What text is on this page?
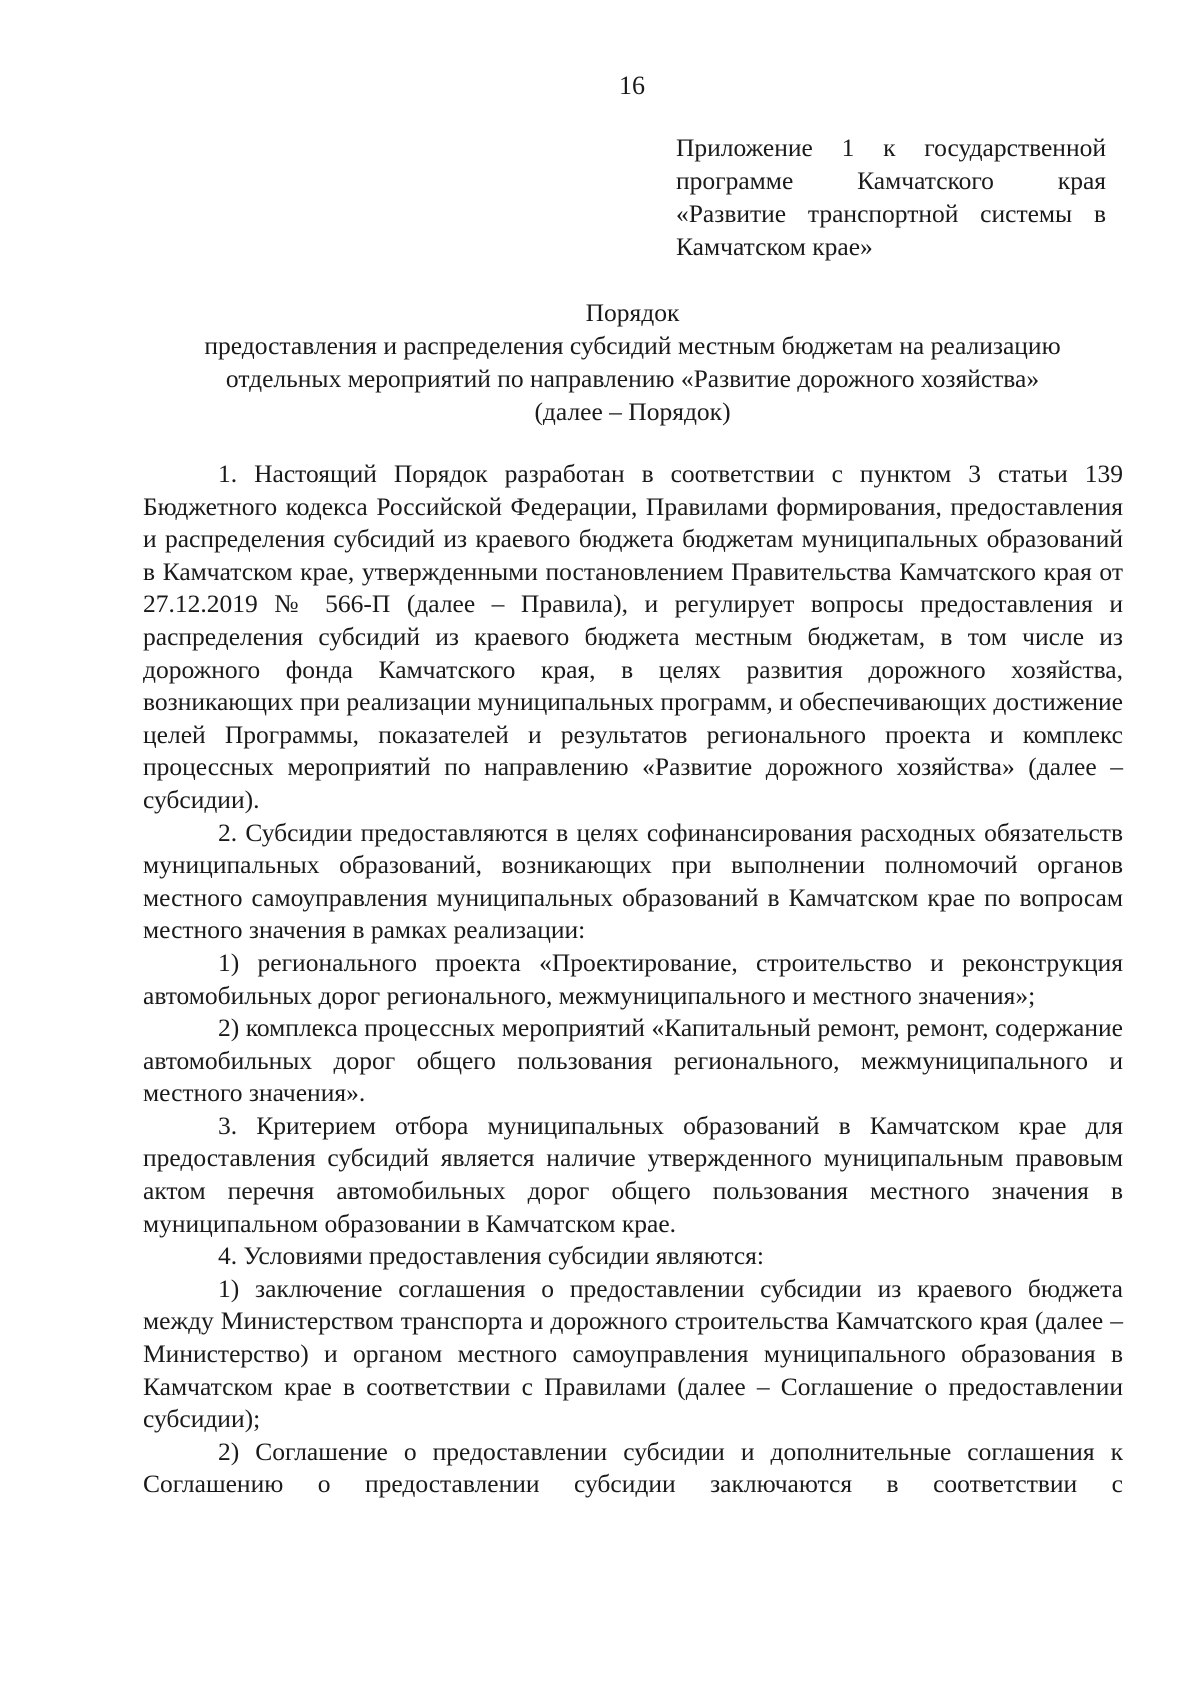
16
Приложение 1 к государственной
программе Камчатского края
«Развитие транспортной системы в
Камчатском крае»
Порядок
предоставления и распределения субсидий местным бюджетам на реализацию
отдельных мероприятий по направлению «Развитие дорожного хозяйства»
(далее – Порядок)

1. Настоящий Порядок разработан в соответствии с пунктом 3 статьи 139 Бюджетного кодекса Российской Федерации, Правилами формирования, предоставления и распределения субсидий из краевого бюджета бюджетам муниципальных образований в Камчатском крае, утвержденными постановлением Правительства Камчатского края от 27.12.2019 № 566-П (далее – Правила), и регулирует вопросы предоставления и распределения субсидий из краевого бюджета местным бюджетам, в том числе из дорожного фонда Камчатского края, в целях развития дорожного хозяйства, возникающих при реализации муниципальных программ, и обеспечивающих достижение целей Программы, показателей и результатов регионального проекта и комплекс процессных мероприятий по направлению «Развитие дорожного хозяйства» (далее – субсидии).

2. Субсидии предоставляются в целях софинансирования расходных обязательств муниципальных образований, возникающих при выполнении полномочий органов местного самоуправления муниципальных образований в Камчатском крае по вопросам местного значения в рамках реализации:

1) регионального проекта «Проектирование, строительство и реконструкция автомобильных дорог регионального, межмуниципального и местного значения»;

2) комплекса процессных мероприятий «Капитальный ремонт, ремонт, содержание автомобильных дорог общего пользования регионального, межмуниципального и местного значения».

3. Критерием отбора муниципальных образований в Камчатском крае для предоставления субсидий является наличие утвержденного муниципальным правовым актом перечня автомобильных дорог общего пользования местного значения в муниципальном образовании в Камчатском крае.

4. Условиями предоставления субсидии являются:

1) заключение соглашения о предоставлении субсидии из краевого бюджета между Министерством транспорта и дорожного строительства Камчатского края (далее – Министерство) и органом местного самоуправления муниципального образования в Камчатском крае в соответствии с Правилами (далее – Соглашение о предоставлении субсидии);

2) Соглашение о предоставлении субсидии и дополнительные соглашения к Соглашению о предоставлении субсидии заключаются в соответствии с
